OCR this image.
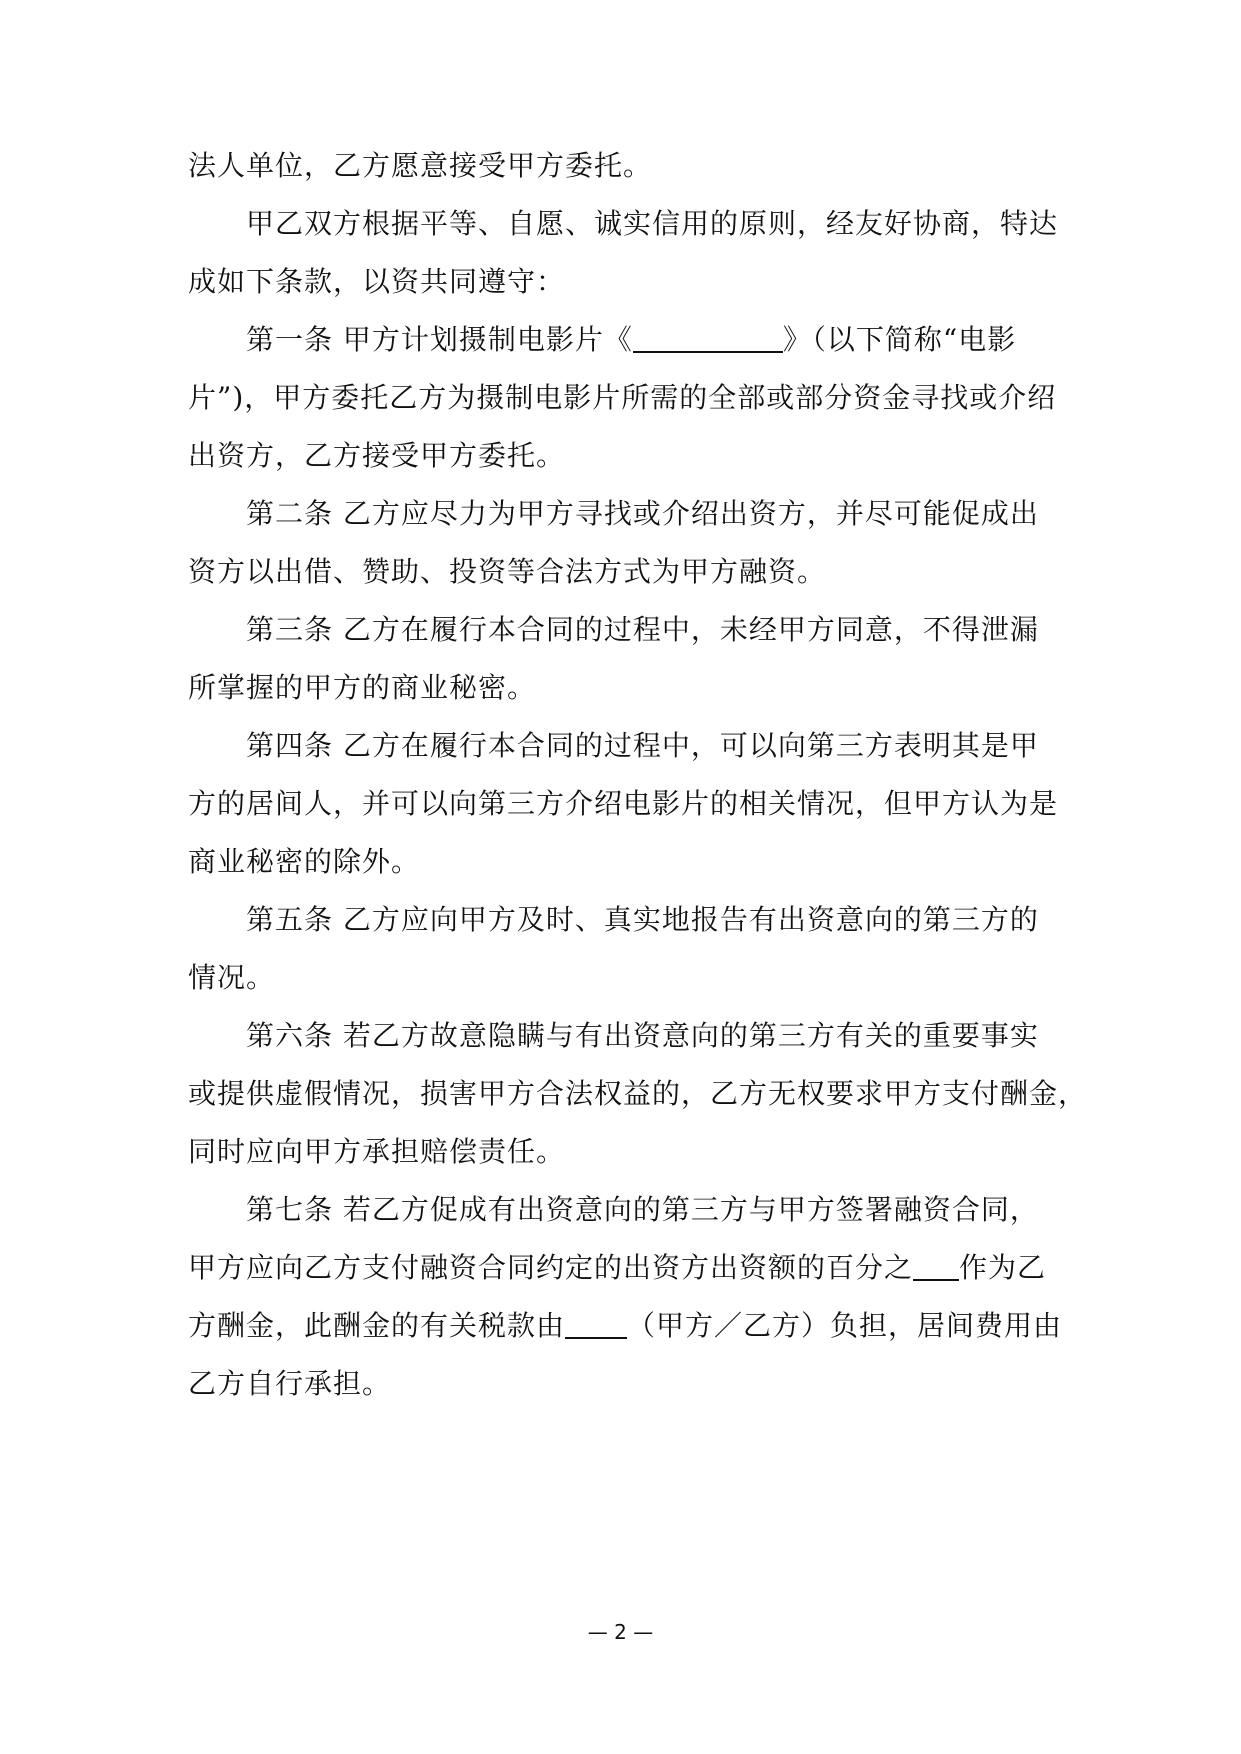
法人单位，乙方愿意接受甲方委托。
甲乙双方根据平等、自愿、诚实信用的原则，经友好协商，特达
成如下条款，以资共同遵守：
第一条 甲方计划摄制电影片《	》（以下简称“电影
片”)，甲方委托乙方为摄制电影片所需的全部或部分资金寻找或介绍
出资方，乙方接受甲方委托。
第二条 乙方应尽力为甲方寻找或介绍出资方，并尽可能促成出
资方以出借、赞助、投资等合法方式为甲方融资。
第三条 乙方在履行本合同的过程中，未经甲方同意，不得泄漏
所掌握的甲方的商业秘密。
第四条 乙方在履行本合同的过程中，可以向第三方表明其是甲
方的居间人，并可以向第三方介绍电影片的相关情况，但甲方认为是
商业秘密的除外。
第五条 乙方应向甲方及时、真实地报告有出资意向的第三方的
情况。
第六条 若乙方故意隐瞒与有出资意向的第三方有关的重要事实
或提供虚假情况，损害甲方合法权益的，乙方无权要求甲方支付酬金，
同时应向甲方承担赔偿责任。
第七条 若乙方促成有出资意向的第三方与甲方签署融资合同，
甲方应向乙方支付融资合同约定的出资方出资额的百分之 作为乙
方酬金，此酬金的有关税款由 （甲方／乙方）负担，居间费用由
乙方自行承担。
— 2 —
